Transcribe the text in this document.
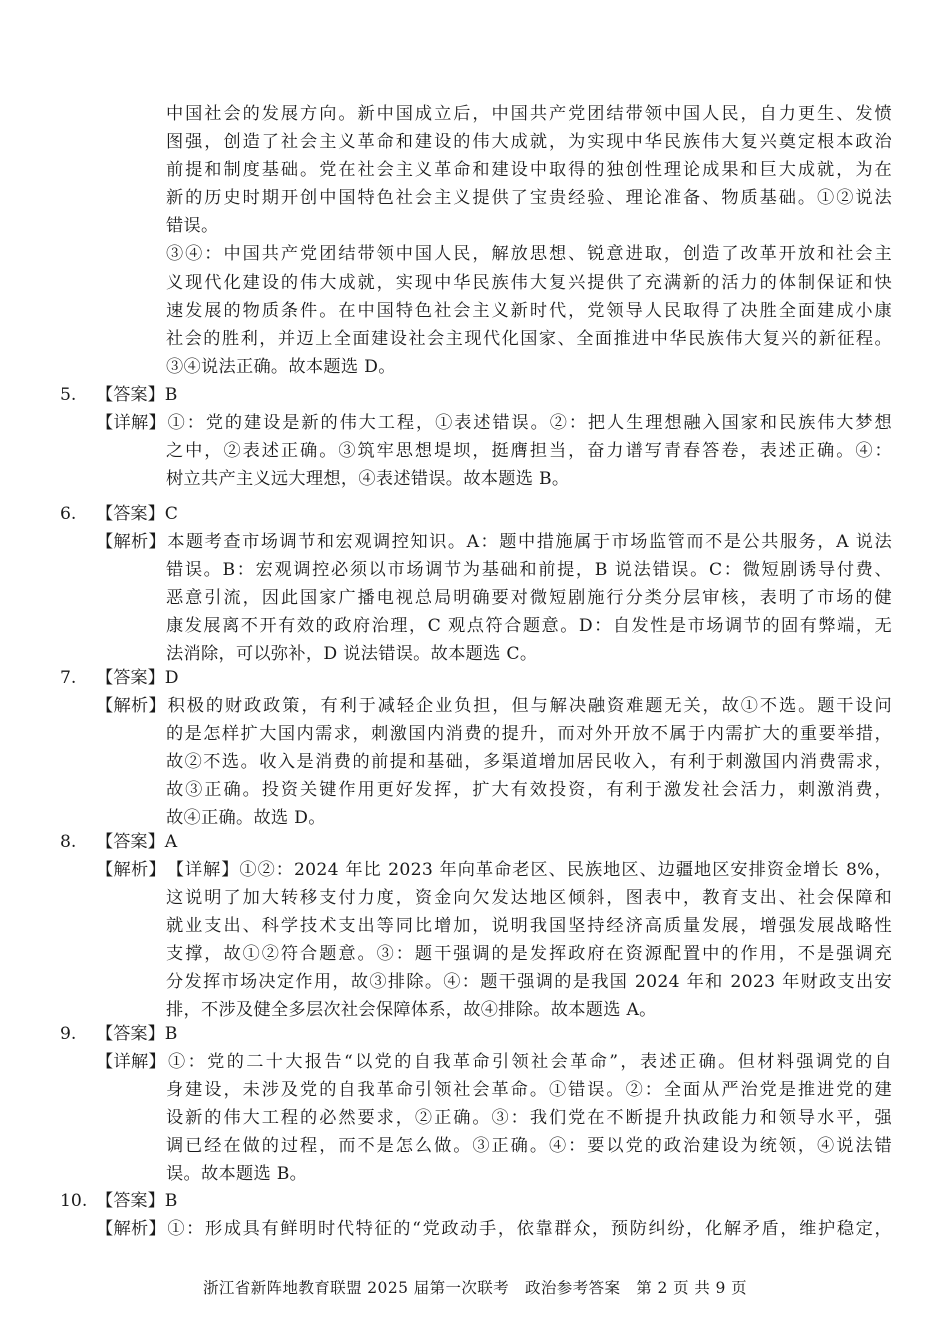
中国社会的发展方向。新中国成立后，中国共产党团结带领中国人民，自力更生、发愤
图强，创造了社会主义革命和建设的伟大成就，为实现中华民族伟大复兴奠定根本政治
前提和制度基础。党在社会主义革命和建设中取得的独创性理论成果和巨大成就，为在
新的历史时期开创中国特色社会主义提供了宝贵经验、理论准备、物质基础。①②说法
错误。
③④：中国共产党团结带领中国人民，解放思想、锐意进取，创造了改革开放和社会主
义现代化建设的伟大成就，实现中华民族伟大复兴提供了充满新的活力的体制保证和快
速发展的物质条件。在中国特色社会主义新时代，党领导人民取得了决胜全面建成小康
社会的胜利，并迈上全面建设社会主现代化国家、全面推进中华民族伟大复兴的新征程。
③④说法正确。故本题选 D。
5. 【答案】B
【详解】①：党的建设是新的伟大工程，①表述错误。②：把人生理想融入国家和民族伟大梦想
之中，②表述正确。③筑牢思想堤坝，挺膺担当，奋力谱写青春答卷，表述正确。④：
树立共产主义远大理想，④表述错误。故本题选 B。
6. 【答案】C
【解析】本题考查市场调节和宏观调控知识。A：题中措施属于市场监管而不是公共服务，A 说法
错误。B：宏观调控必须以市场调节为基础和前提，B 说法错误。C：微短剧诱导付费、
恶意引流，因此国家广播电视总局明确要对微短剧施行分类分层审核，表明了市场的健
康发展离不开有效的政府治理，C 观点符合题意。D：自发性是市场调节的固有弊端，无
法消除，可以弥补，D 说法错误。故本题选 C。
7. 【答案】D
【解析】积极的财政政策，有利于减轻企业负担，但与解决融资难题无关，故①不选。题干设问
的是怎样扩大国内需求，刺激国内消费的提升，而对外开放不属于内需扩大的重要举措，
故②不选。收入是消费的前提和基础，多渠道增加居民收入，有利于刺激国内消费需求，
故③正确。投资关键作用更好发挥，扩大有效投资，有利于激发社会活力，刺激消费，
故④正确。故选 D。
8. 【答案】A
【解析】【详解】①②：2024 年比 2023 年向革命老区、民族地区、边疆地区安排资金增长 8%，
这说明了加大转移支付力度，资金向欠发达地区倾斜，图表中，教育支出、社会保障和
就业支出、科学技术支出等同比增加，说明我国坚持经济高质量发展，增强发展战略性
支撑，故①②符合题意。③：题干强调的是发挥政府在资源配置中的作用，不是强调充
分发挥市场决定作用，故③排除。④：题干强调的是我国 2024 年和 2023 年财政支出安
排，不涉及健全多层次社会保障体系，故④排除。故本题选 A。
9. 【答案】B
【详解】①：党的二十大报告“以党的自我革命引领社会革命”，表述正确。但材料强调党的自
身建设，未涉及党的自我革命引领社会革命。①错误。②：全面从严治党是推进党的建
设新的伟大工程的必然要求，②正确。③：我们党在不断提升执政能力和领导水平，强
调已经在做的过程，而不是怎么做。③正确。④：要以党的政治建设为统领，④说法错
误。故本题选 B。
10. 【答案】B
【解析】①：形成具有鲜明时代特征的“党政动手，依靠群众，预防纠纷，化解矛盾，维护稳定，
浙江省新阵地教育联盟 2025 届第一次联考　政治参考答案　第 2 页 共 9 页
